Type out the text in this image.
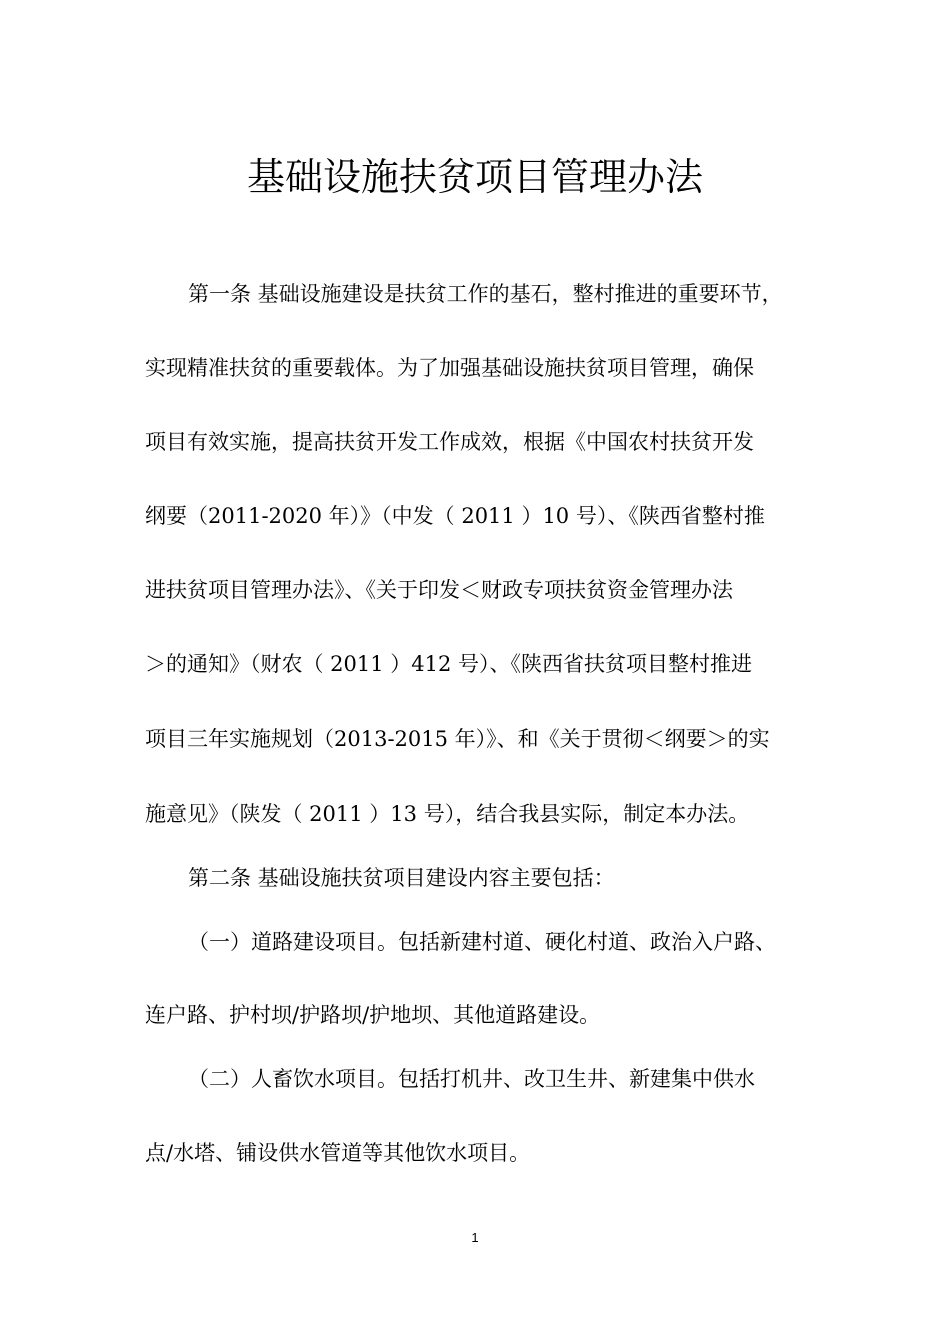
基础设施扶贫项目管理办法
第一条 基础设施建设是扶贫工作的基石，整村推进的重要环节，
实现精准扶贫的重要载体。为了加强基础设施扶贫项目管理，确保
项目有效实施，提高扶贫开发工作成效，根据《中国农村扶贫开发
纲要（2011-2020 年）》（中发（ 2011 ）10 号）、《陕西省整村推
进扶贫项目管理办法》、《关于印发＜财政专项扶贫资金管理办法
＞的通知》（财农（ 2011 ）412 号）、《陕西省扶贫项目整村推进
项目三年实施规划（2013-2015 年）》、和《关于贯彻＜纲要＞的实
施意见》（陕发（ 2011 ）13 号），结合我县实际，制定本办法。
第二条 基础设施扶贫项目建设内容主要包括：
（一）道路建设项目。包括新建村道、硬化村道、政治入户路、
连户路、护村坝/护路坝/护地坝、其他道路建设。
（二）人畜饮水项目。包括打机井、改卫生井、新建集中供水
点/水塔、铺设供水管道等其他饮水项目。
1
